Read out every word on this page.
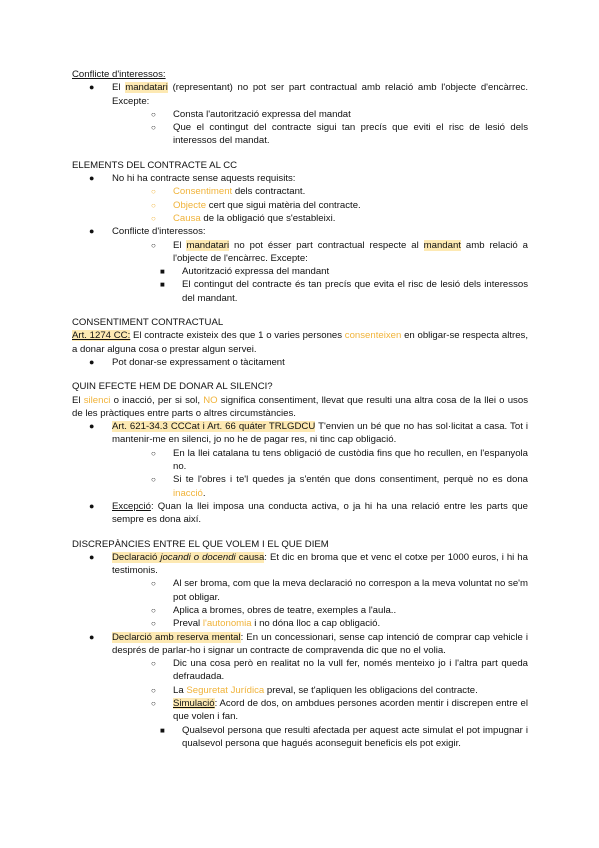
Conflicte d'interessos:

● El mandatari (representant) no pot ser part contractual amb relació amb l'objecte d'encàrrec. Excepte:
○ Consta l'autorització expressa del mandat
○ Que el contingut del contracte sigui tan precís que eviti el risc de lesió dels interessos del mandat.

ELEMENTS DEL CONTRACTE AL CC

● No hi ha contracte sense aquests requisits:
○ Consentiment dels contractant.
○ Objecte cert que sigui matèria del contracte.
○ Causa de la obligació que s'estableixi.
● Conflicte d'interessos:
○ El mandatari no pot ésser part contractual respecte al mandant amb relació a l'objecte de l'encàrrec. Excepte:
■ Autorització expressa del mandant
■ El contingut del contracte és tan precís que evita el risc de lesió dels interessos del mandant.

CONSENTIMENT CONTRACTUAL

Art. 1274 CC: El contracte existeix des que 1 o varies persones consenteixen en obligar-se respecta altres, a donar alguna cosa o prestar algun servei.

● Pot donar-se expressament o tàcitament

QUIN EFECTE HEM DE DONAR AL SILENCI?

El silenci o inacció, per si sol, NO significa consentiment, llevat que resulti una altra cosa de la llei o usos de les pràctiques entre parts o altres circumstàncies.

● Art. 621-34.3 CCCat i Art. 66 quáter TRLGDCU T'envien un bé que no has sol·licitat a casa. Tot i mantenir-me en silenci, jo no he de pagar res, ni tinc cap obligació.
○ En la llei catalana tu tens obligació de custòdia fins que ho recullen, en l'espanyola no.
○ Si te l'obres i te'l quedes ja s'entén que dons consentiment, perquè no es dona inacció.
● Excepció: Quan la llei imposa una conducta activa, o ja hi ha una relació entre les parts que sempre es dona així.

DISCREPÀNCIES ENTRE EL QUE VOLEM I EL QUE DIEM

● Declaració jocandi o docendi causa: Et dic en broma que et venc el cotxe per 1000 euros, i hi ha testimonis.
○ Al ser broma, com que la meva declaració no correspon a la meva voluntat no se'm pot obligar.
○ Aplica a bromes, obres de teatre, exemples a l'aula..
○ Preval l'autonomia i no dóna lloc a cap obligació.
● Declarció amb reserva mental: En un concessionari, sense cap intenció de comprar cap vehicle i després de parlar-ho i signar un contracte de compravenda dic que no el volia.
○ Dic una cosa però en realitat no la vull fer, només menteixo jo i l'altra part queda defraudada.
○ La Seguretat Jurídica preval, se t'apliquen les obligacions del contracte.
○ Simulació: Acord de dos, on ambdues persones acorden mentir i discrepen entre el que volen i fan.
■ Qualsevol persona que resulti afectada per aquest acte simulat el pot impugnar i qualsevol persona que hagués aconseguit beneficis els pot exigir.
